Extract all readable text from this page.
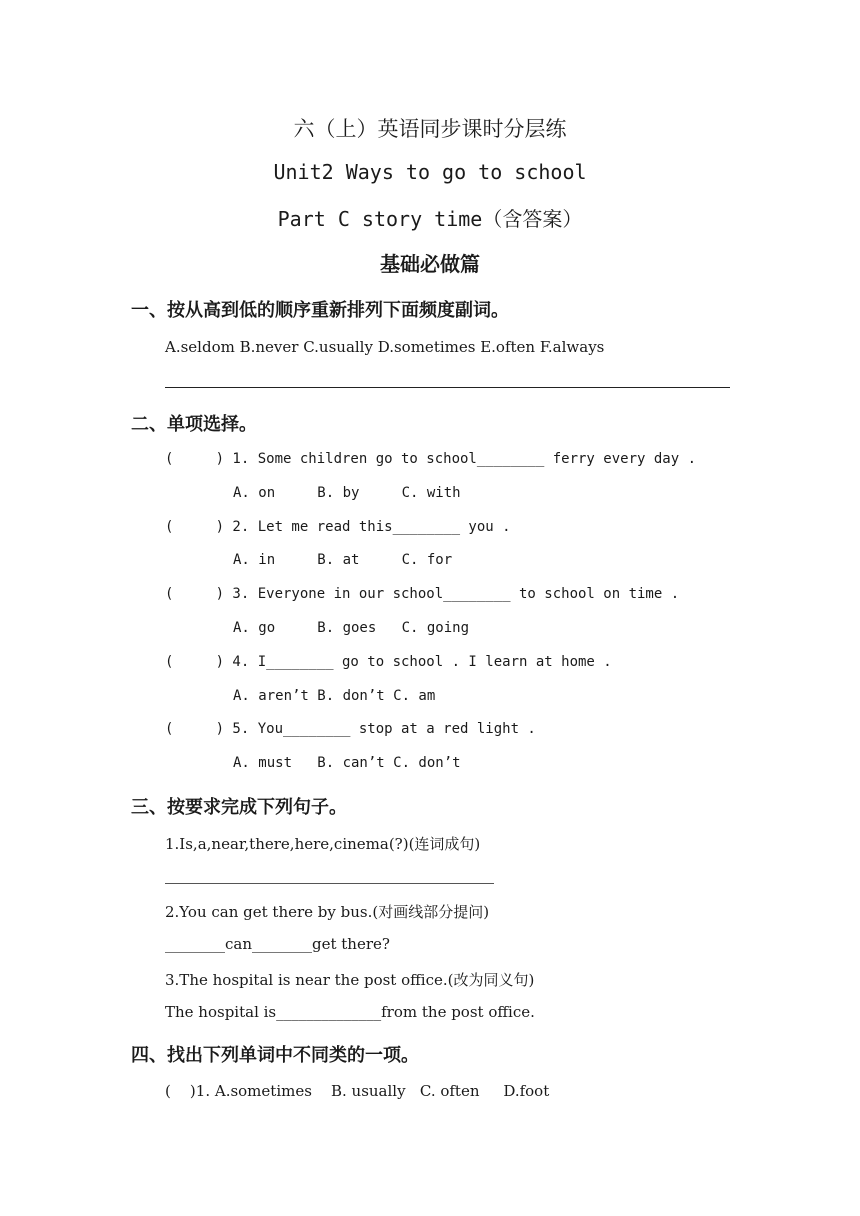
六（上）英语同步课时分层练
Unit2 Ways to go to school
Part C story time（含答案）
基础必做篇
一、按从高到低的顺序重新排列下面频度副词。
A.seldom B.never C.usually D.sometimes E.often F.always
二、单项选择。
(     ) 1. Some children go to school________ ferry every day .
A. on     B. by     C. with
(     ) 2. Let me read this________ you .
A. in     B. at     C. for
(     ) 3. Everyone in our school________ to school on time .
A. go     B. goes   C. going
(     ) 4. I________ go to school . I learn at home .
A. aren’t B. don’t C. am
(     ) 5. You________ stop at a red light .
A. must   B. can’t C. don’t
三、按要求完成下列句子。
1.Is,a,near,there,here,cinema(?)(连词成句)
2.You can get there by bus.(对画线部分提问)
________can________get there?
3.The hospital is near the post office.(改为同义句)
The hospital is______________from the post office.
四、找出下列单词中不同类的一项。
(    )1. A.sometimes    B. usually   C. often     D.foot
